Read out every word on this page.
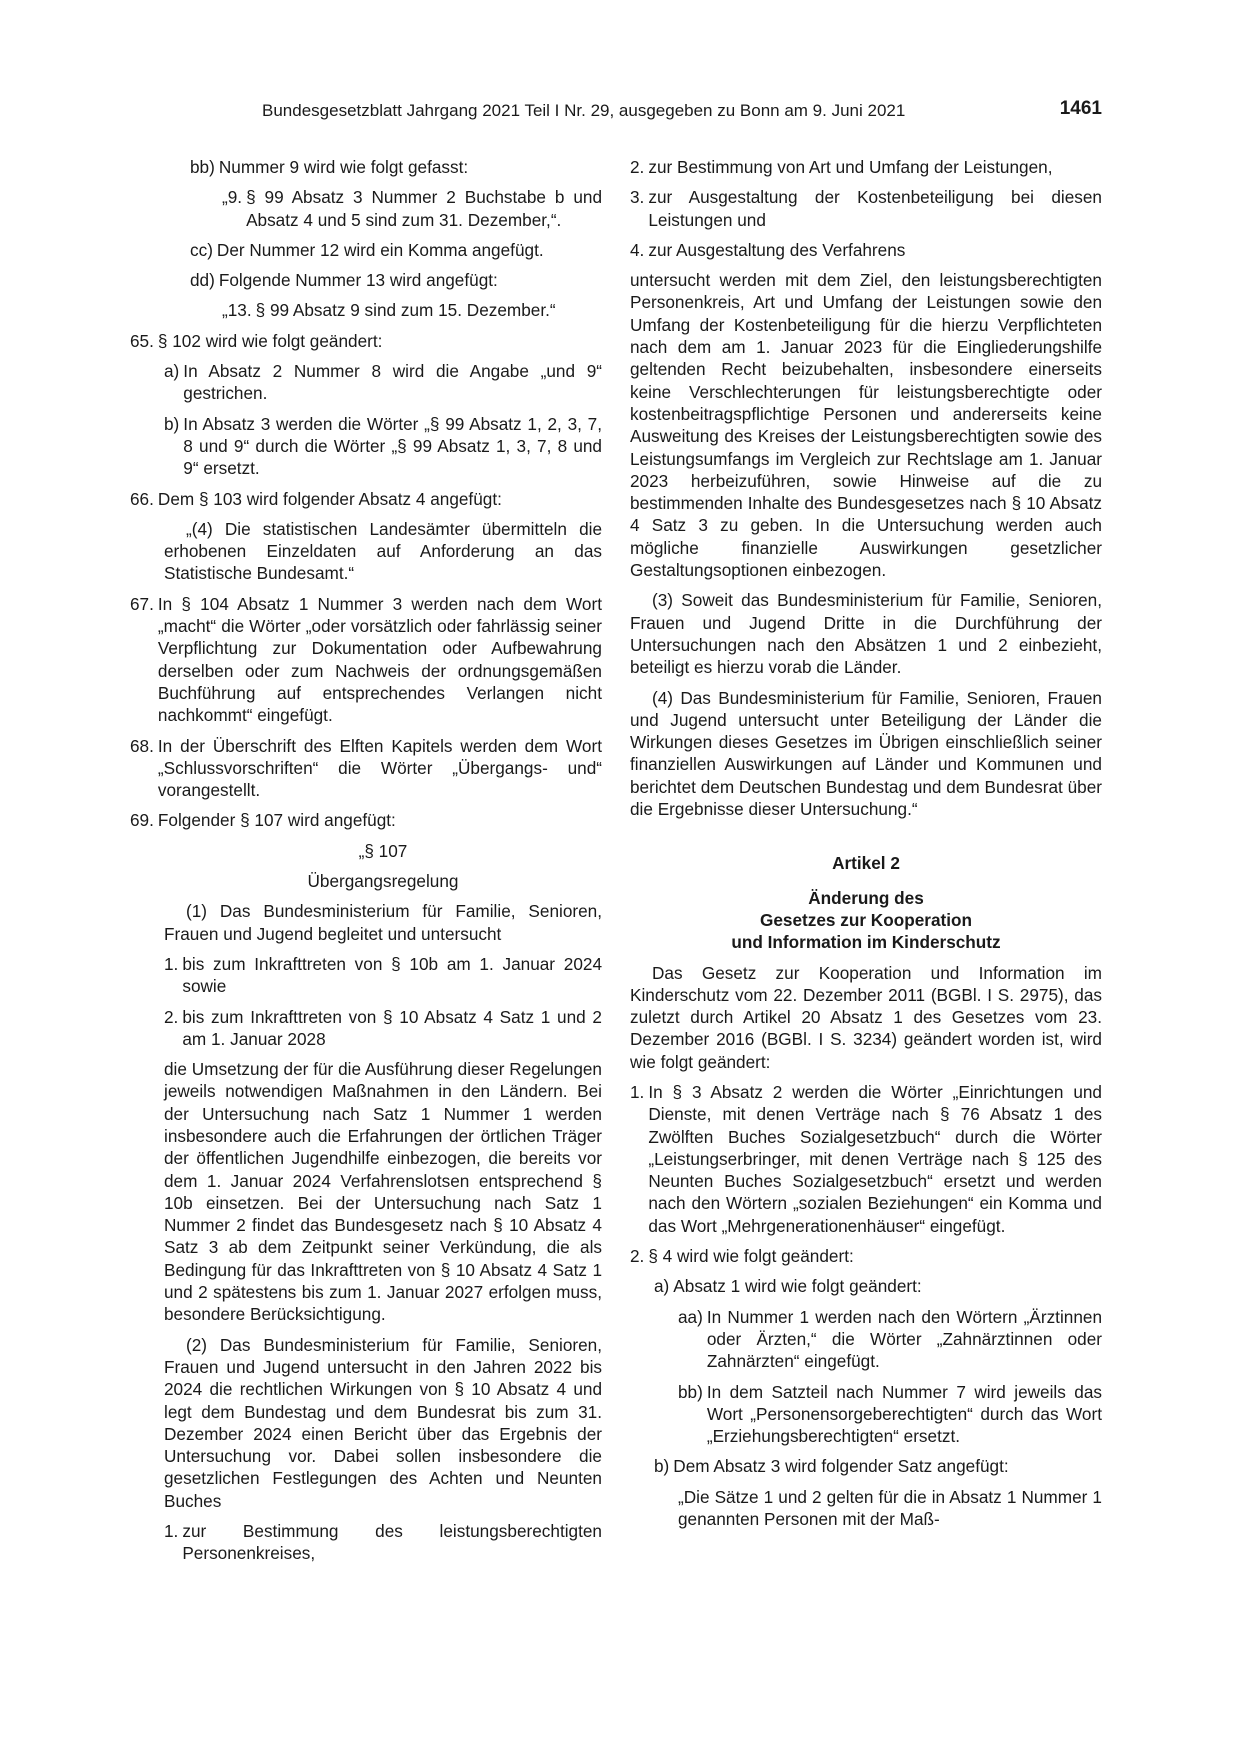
Bundesgesetzblatt Jahrgang 2021 Teil I Nr. 29, ausgegeben zu Bonn am 9. Juni 2021	1461
bb) Nummer 9 wird wie folgt gefasst:
„9. § 99 Absatz 3 Nummer 2 Buchstabe b und Absatz 4 und 5 sind zum 31. Dezember,“.
cc) Der Nummer 12 wird ein Komma angefügt.
dd) Folgende Nummer 13 wird angefügt:
„13. § 99 Absatz 9 sind zum 15. Dezember.“
65. § 102 wird wie folgt geändert:
a) In Absatz 2 Nummer 8 wird die Angabe „und 9“ gestrichen.
b) In Absatz 3 werden die Wörter „§ 99 Absatz 1, 2, 3, 7, 8 und 9“ durch die Wörter „§ 99 Absatz 1, 3, 7, 8 und 9“ ersetzt.
66. Dem § 103 wird folgender Absatz 4 angefügt:

„(4) Die statistischen Landesämter übermitteln die erhobenen Einzeldaten auf Anforderung an das Statistische Bundesamt.“

67. In § 104 Absatz 1 Nummer 3 werden nach dem Wort „macht“ die Wörter „oder vorsätzlich oder fahrlässig seiner Verpflichtung zur Dokumentation oder Aufbewahrung derselben oder zum Nachweis der ordnungsgemäßen Buchführung auf entsprechendes Verlangen nicht nachkommt“ eingefügt.
68. In der Überschrift des Elften Kapitels werden dem Wort „Schlussvorschriften“ die Wörter „Übergangs- und“ vorangestellt.
69. Folgender § 107 wird angefügt:

„§ 107

Übergangsregelung

(1) Das Bundesministerium für Familie, Senioren, Frauen und Jugend begleitet und untersucht

1. bis zum Inkrafttreten von § 10b am 1. Januar 2024 sowie
2. bis zum Inkrafttreten von § 10 Absatz 4 Satz 1 und 2 am 1. Januar 2028

die Umsetzung der für die Ausführung dieser Regelungen jeweils notwendigen Maßnahmen in den Ländern. Bei der Untersuchung nach Satz 1 Nummer 1 werden insbesondere auch die Erfahrungen der örtlichen Träger der öffentlichen Jugendhilfe einbezogen, die bereits vor dem 1. Januar 2024 Verfahrenslotsen entsprechend § 10b einsetzen. Bei der Untersuchung nach Satz 1 Nummer 2 findet das Bundesgesetz nach § 10 Absatz 4 Satz 3 ab dem Zeitpunkt seiner Verkündung, die als Bedingung für das Inkrafttreten von § 10 Absatz 4 Satz 1 und 2 spätestens bis zum 1. Januar 2027 erfolgen muss, besondere Berücksichtigung.

(2) Das Bundesministerium für Familie, Senioren, Frauen und Jugend untersucht in den Jahren 2022 bis 2024 die rechtlichen Wirkungen von § 10 Absatz 4 und legt dem Bundestag und dem Bundesrat bis zum 31. Dezember 2024 einen Bericht über das Ergebnis der Untersuchung vor. Dabei sollen insbesondere die gesetzlichen Festlegungen des Achten und Neunten Buches

1. zur Bestimmung des leistungsberechtigten Personenkreises,
2. zur Bestimmung von Art und Umfang der Leistungen,
3. zur Ausgestaltung der Kostenbeteiligung bei diesen Leistungen und
4. zur Ausgestaltung des Verfahrens

untersucht werden mit dem Ziel, den leistungsberechtigten Personenkreis, Art und Umfang der Leistungen sowie den Umfang der Kostenbeteiligung für die hierzu Verpflichteten nach dem am 1. Januar 2023 für die Eingliederungshilfe geltenden Recht beizubehalten, insbesondere einerseits keine Verschlechterungen für leistungsberechtigte oder kostenbeitragspflichtige Personen und andererseits keine Ausweitung des Kreises der Leistungsberechtigten sowie des Leistungsumfangs im Vergleich zur Rechtslage am 1. Januar 2023 herbeizuführen, sowie Hinweise auf die zu bestimmenden Inhalte des Bundesgesetzes nach § 10 Absatz 4 Satz 3 zu geben. In die Untersuchung werden auch mögliche finanzielle Auswirkungen gesetzlicher Gestaltungsoptionen einbezogen.

(3) Soweit das Bundesministerium für Familie, Senioren, Frauen und Jugend Dritte in die Durchführung der Untersuchungen nach den Absätzen 1 und 2 einbezieht, beteiligt es hierzu vorab die Länder.

(4) Das Bundesministerium für Familie, Senioren, Frauen und Jugend untersucht unter Beteiligung der Länder die Wirkungen dieses Gesetzes im Übrigen einschließlich seiner finanziellen Auswirkungen auf Länder und Kommunen und berichtet dem Deutschen Bundestag und dem Bundesrat über die Ergebnisse dieser Untersuchung.“

Artikel 2

Änderung des

Gesetzes zur Kooperation

und Information im Kinderschutz

Das Gesetz zur Kooperation und Information im Kinderschutz vom 22. Dezember 2011 (BGBl. I S. 2975), das zuletzt durch Artikel 20 Absatz 1 des Gesetzes vom 23. Dezember 2016 (BGBl. I S. 3234) geändert worden ist, wird wie folgt geändert:

1. In § 3 Absatz 2 werden die Wörter „Einrichtungen und Dienste, mit denen Verträge nach § 76 Absatz 1 des Zwölften Buches Sozialgesetzbuch“ durch die Wörter „Leistungserbringer, mit denen Verträge nach § 125 des Neunten Buches Sozialgesetzbuch“ ersetzt und werden nach den Wörtern „sozialen Beziehungen“ ein Komma und das Wort „Mehrgenerationenhäuser“ eingefügt.
2. § 4 wird wie folgt geändert:
a) Absatz 1 wird wie folgt geändert:
aa) In Nummer 1 werden nach den Wörtern „Ärztinnen oder Ärzten,“ die Wörter „Zahnärztinnen oder Zahnärzten“ eingefügt.
bb) In dem Satzteil nach Nummer 7 wird jeweils das Wort „Personensorgeberechtigten“ durch das Wort „Erziehungsberechtigten“ ersetzt.
b) Dem Absatz 3 wird folgender Satz angefügt:

„Die Sätze 1 und 2 gelten für die in Absatz 1 Nummer 1 genannten Personen mit der Maß-
